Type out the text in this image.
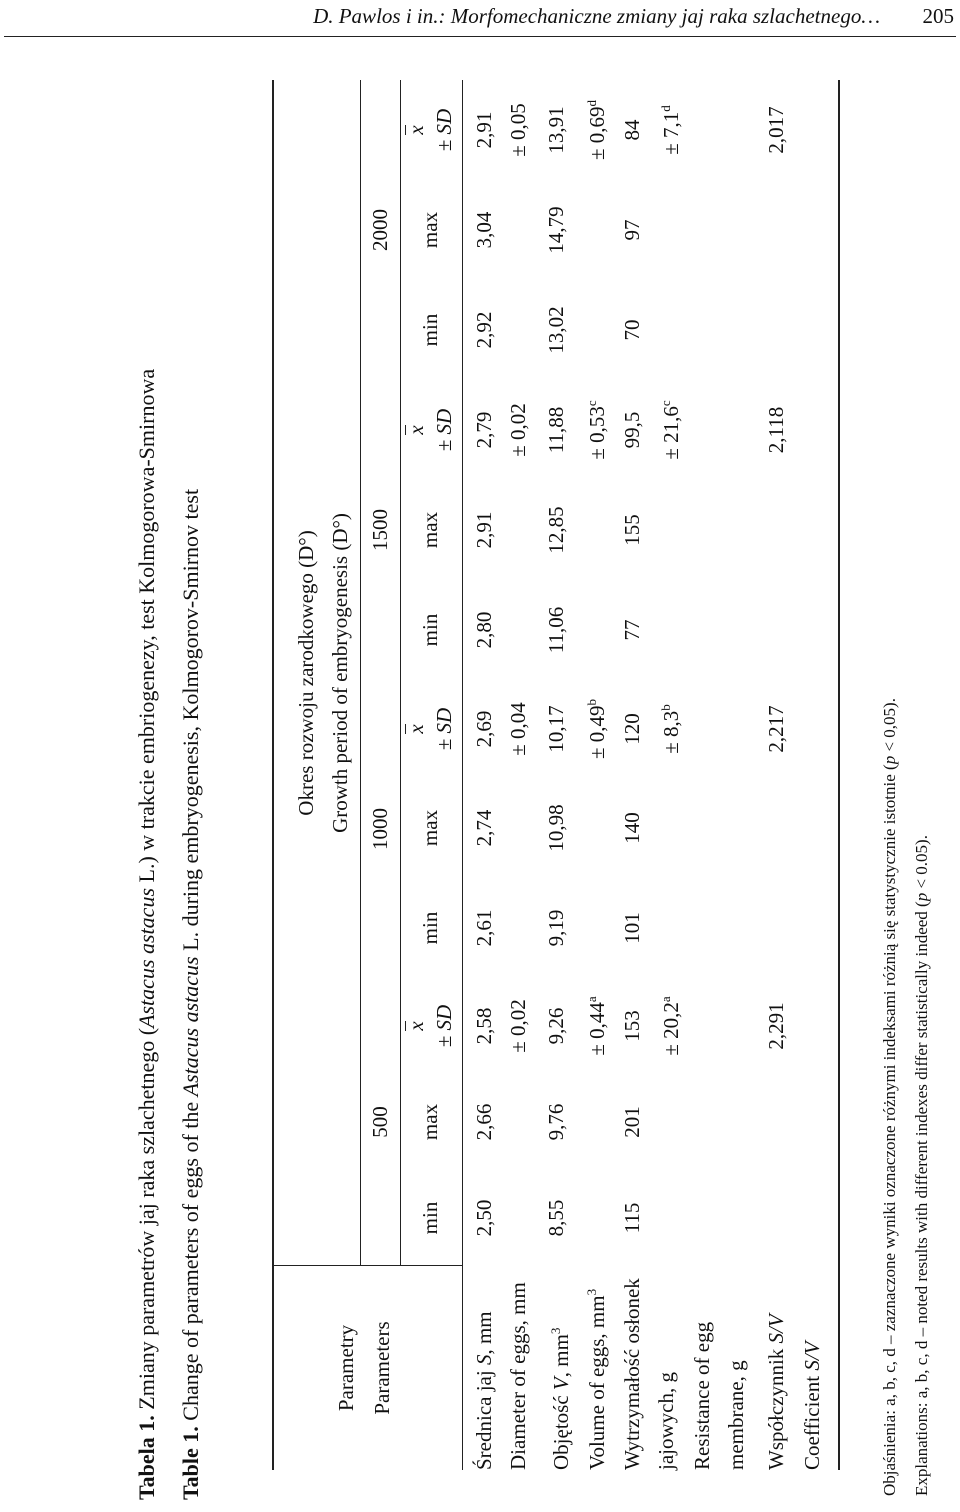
D. Pawlos i in.: Morfomechaniczne zmiany jaj raka szlachetnego… 205
Tabela 1. Zmiany parametrów jaj raka szlachetnego (Astacus astacus L.) w trakcie embriogenezy, test Kolmogorowa-Smirnowa
Table 1. Change of parameters of eggs of the Astacus astacus L. during embryogenesis, Kolmogorov-Smirnov test
Parametry Parameters
Okres rozwoju zarodkowego (D°) Growth period of embryogenesis (D°)
500
1000
1500
2000
min
max
x ± SD
min
max
x ± SD
min
max
x ± SD
min
max
x ± SD
Średnica jaj S, mm Diameter of eggs, mm
2,50
2,66
2,58 ± 0,02
2,61
2,74
2,69 ± 0,04
2,80
2,91
2,79 ± 0,02
2,92
3,04
2,91 ± 0,05
Objętość V, $mm^3$	Volume of eggs, $mm^3$
8,55
9,76
9,26 ± 0,44$^a$
9,19
10,98
10,17 ± 0,49$^b$
11,06
12,85
11,88 ± 0,53$^c$
13,02
14,79
13,91 ± 0,69$^d$
Wytrzymałość osłonek jajowych, g Resistance of egg membrane, g
115
201
153 ± 20,2$^a$
101
140
120 ± 8,3$^b$
77
155
99,5 ± 21,6$^c$
70
97
84 ± 7,1$^d$
Współczynnik S/V
Coefficient S/V
2,291
2,217
2,118
2,017
Objaśnienia: a, b, c, d – zaznaczone wyniki oznaczone różnymi indeksami różnią się statystycznie istotnie (p < 0,05).
Explanations: a, b, c, d – noted results with different indexes differ statistically indeed (p < 0.05).
